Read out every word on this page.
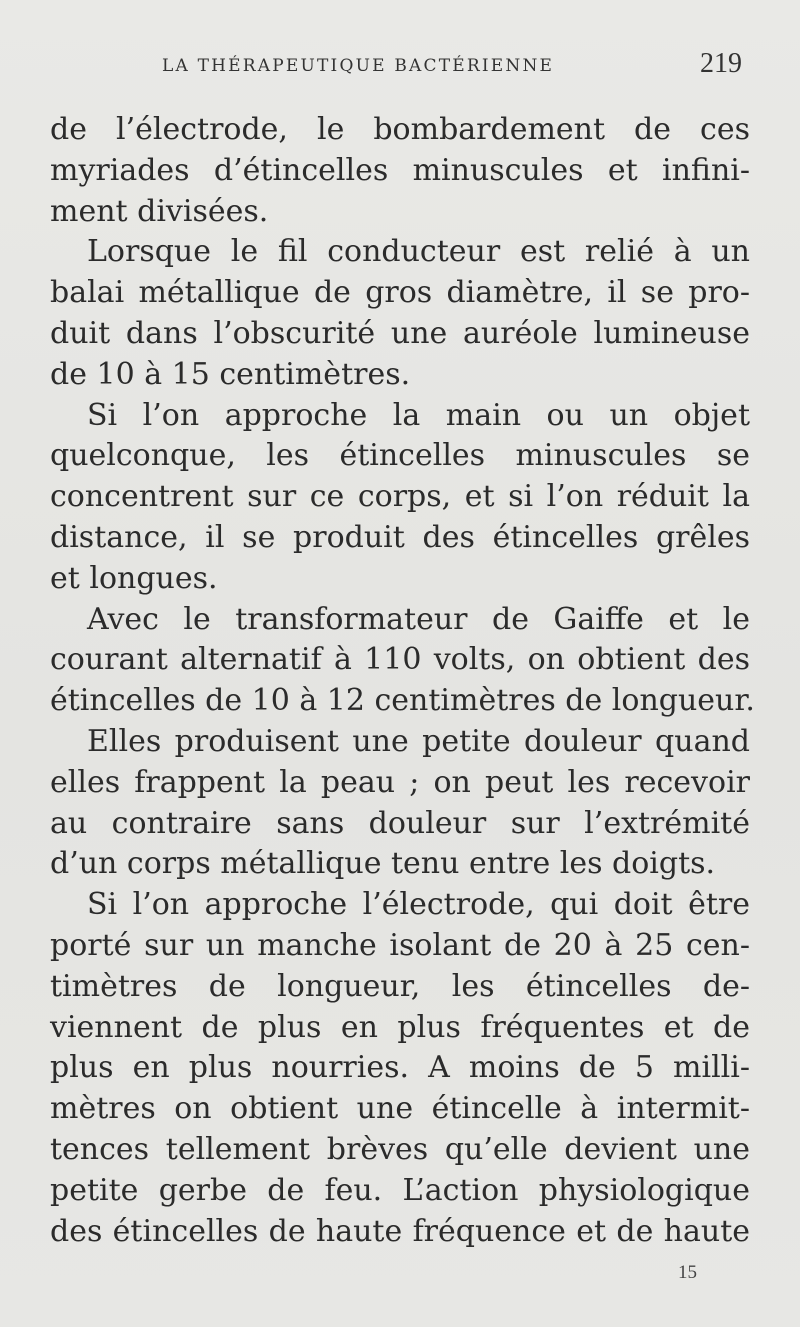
LA THÉRAPEUTIQUE BACTÉRIENNE	219
de l’électrode, le bombardement de ces
myriades d’étincelles minuscules et infini-
ment divisées.
Lorsque le fil conducteur est relié à un
balai métallique de gros diamètre, il se pro-
duit dans l’obscurité une auréole lumineuse
de 10 à 15 centimètres.
Si l’on approche la main ou un objet
quelconque, les étincelles minuscules se
concentrent sur ce corps, et si l’on réduit la
distance, il se produit des étincelles grêles
et longues.
Avec le transformateur de Gaiffe et le
courant alternatif à 110 volts, on obtient des
étincelles de 10 à 12 centimètres de longueur.
Elles produisent une petite douleur quand
elles frappent la peau ; on peut les recevoir
au contraire sans douleur sur l’extrémité
d’un corps métallique tenu entre les doigts.
Si l’on approche l’électrode, qui doit être
porté sur un manche isolant de 20 à 25 cen-
timètres de longueur, les étincelles de-
viennent de plus en plus fréquentes et de
plus en plus nourries. A moins de 5 milli-
mètres on obtient une étincelle à intermit-
tences tellement brèves qu’elle devient une
petite gerbe de feu. L’action physiologique
des étincelles de haute fréquence et de haute
15
